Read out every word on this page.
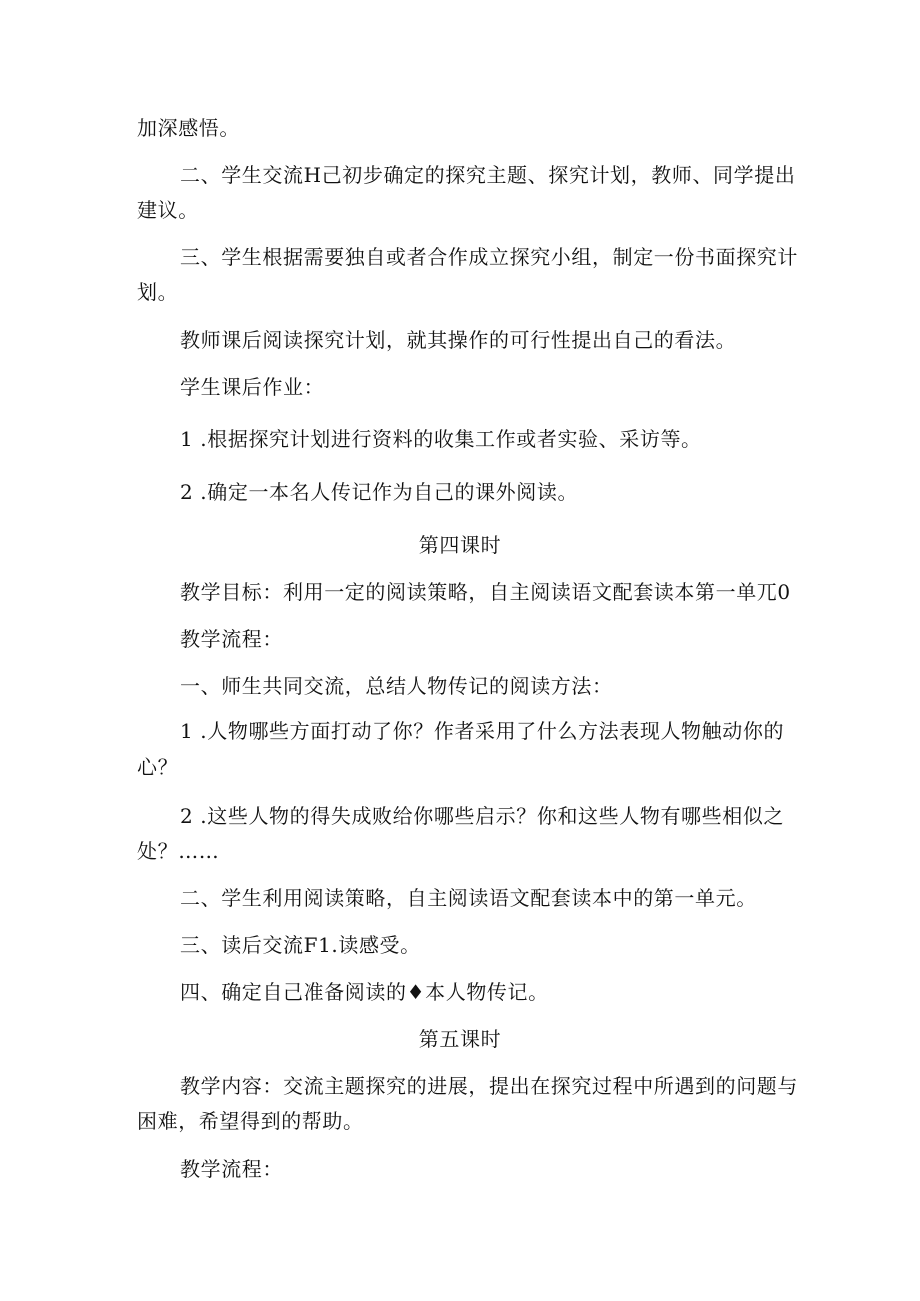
加深感悟。
二、学生交流H己初步确定的探究主题、探究计划，教师、同学提出
建议。
三、学生根据需要独自或者合作成立探究小组，制定一份书面探究计
划。
教师课后阅读探究计划，就其操作的可行性提出自己的看法。
学生课后作业：
1 .根据探究计划进行资料的收集工作或者实验、采访等。
2 .确定一本名人传记作为自己的课外阅读。
第四课时
教学目标：利用一定的阅读策略，自主阅读语文配套读本第一单兀0
教学流程：
一、师生共同交流，总结人物传记的阅读方法：
1 .人物哪些方面打动了你？作者采用了什么方法表现人物触动你的
心？
2 .这些人物的得失成败给你哪些启示？你和这些人物有哪些相似之
处？……
二、学生利用阅读策略，自主阅读语文配套读本中的第一单元。
三、读后交流F1.读感受。
四、确定自己准备阅读的♦本人物传记。
第五课时
教学内容：交流主题探究的进展，提出在探究过程中所遇到的问题与
困难，希望得到的帮助。
教学流程：
